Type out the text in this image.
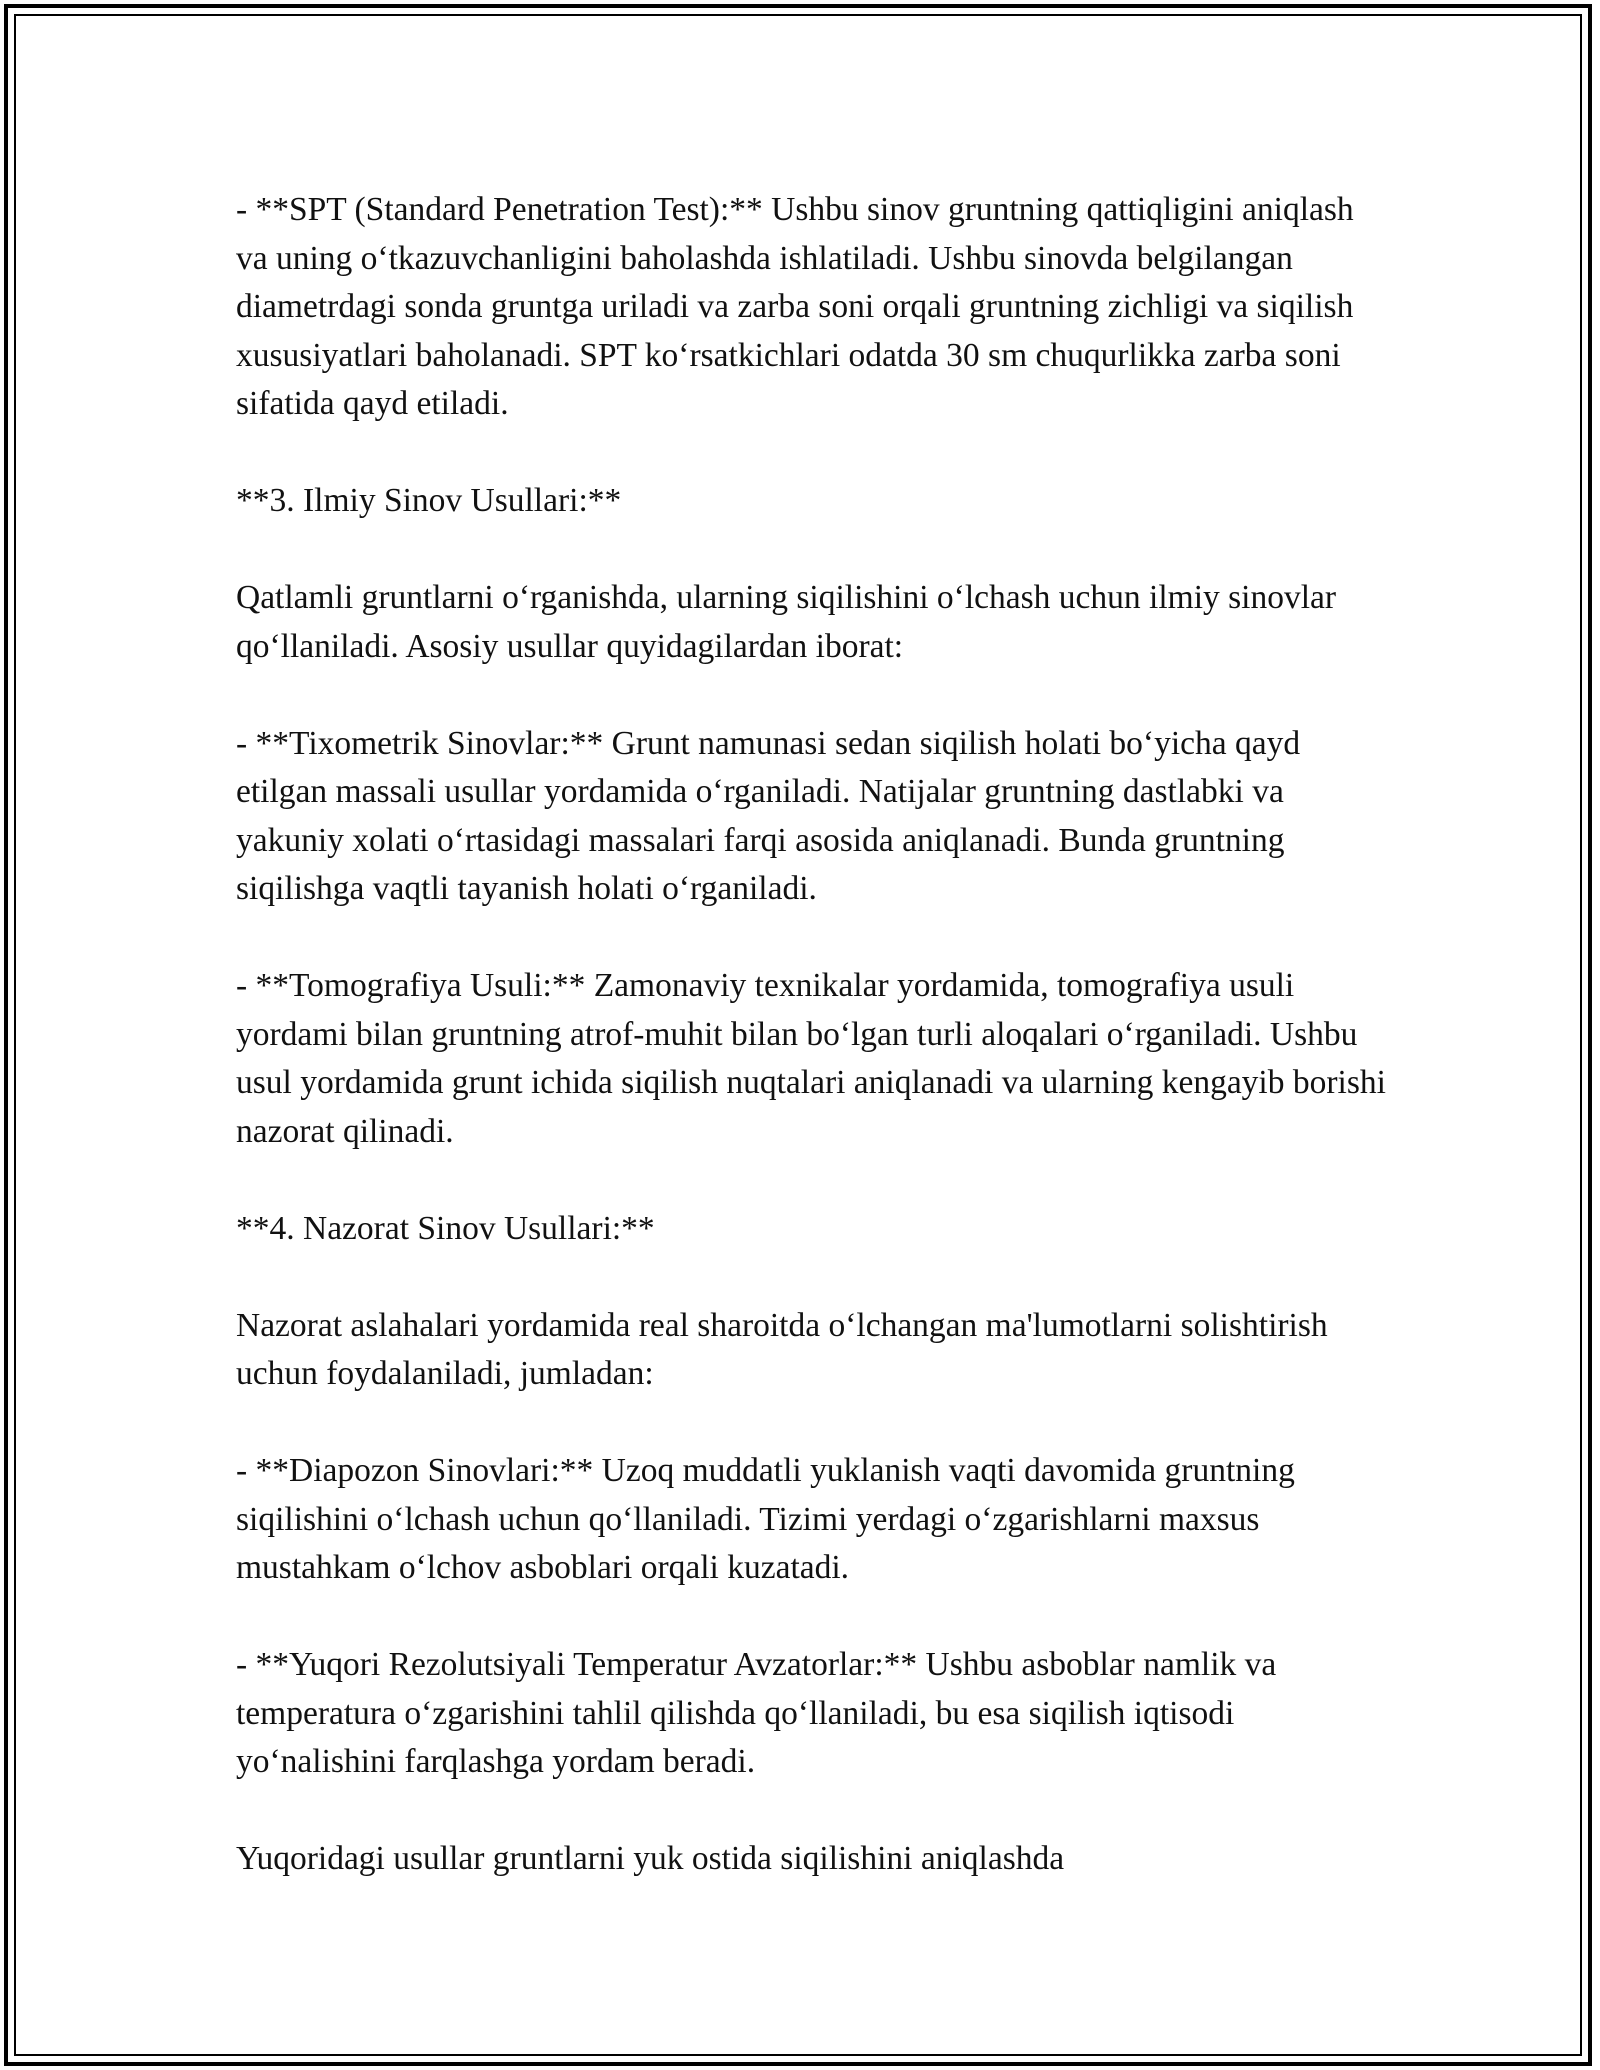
- **SPT (Standard Penetration Test):** Ushbu sinov gruntning qattiqligini aniqlash va uning o‘tkazuvchanligini baholashda ishlatiladi. Ushbu sinovda belgilangan diametrdagi sonda gruntga uriladi va zarba soni orqali gruntning zichligi va siqilish xususiyatlari baholanadi. SPT ko‘rsatkichlari odatda 30 sm chuqurlikka zarba soni sifatida qayd etiladi.

**3. Ilmiy Sinov Usullari:**

Qatlamli gruntlarni o‘rganishda, ularning siqilishini o‘lchash uchun ilmiy sinovlar qo‘llaniladi. Asosiy usullar quyidagilardan iborat:

- **Tixometrik Sinovlar:** Grunt namunasi sedan siqilish holati bo‘yicha qayd etilgan massali usullar yordamida o‘rganiladi. Natijalar gruntning dastlabki va yakuniy xolati o‘rtasidagi massalari farqi asosida aniqlanadi. Bunda gruntning siqilishga vaqtli tayanish holati o‘rganiladi.

- **Tomografiya Usuli:** Zamonaviy texnikalar yordamida, tomografiya usuli yordami bilan gruntning atrof-muhit bilan bo‘lgan turli aloqalari o‘rganiladi. Ushbu usul yordamida grunt ichida siqilish nuqtalari aniqlanadi va ularning kengayib borishi nazorat qilinadi.

**4. Nazorat Sinov Usullari:**

Nazorat aslahalari yordamida real sharoitda o‘lchangan ma'lumotlarni solishtirish uchun foydalaniladi, jumladan:

- **Diapozon Sinovlari:** Uzoq muddatli yuklanish vaqti davomida gruntning siqilishini o‘lchash uchun qo‘llaniladi. Tizimi yerdagi o‘zgarishlarni maxsus mustahkam o‘lchov asboblari orqali kuzatadi.

- **Yuqori Rezolutsiyali Temperatur Avzatorlar:** Ushbu asboblar namlik va temperatura o‘zgarishini tahlil qilishda qo‘llaniladi, bu esa siqilish iqtisodi yo‘nalishini farqlashga yordam beradi.

Yuqoridagi usullar gruntlarni yuk ostida siqilishini aniqlashda
